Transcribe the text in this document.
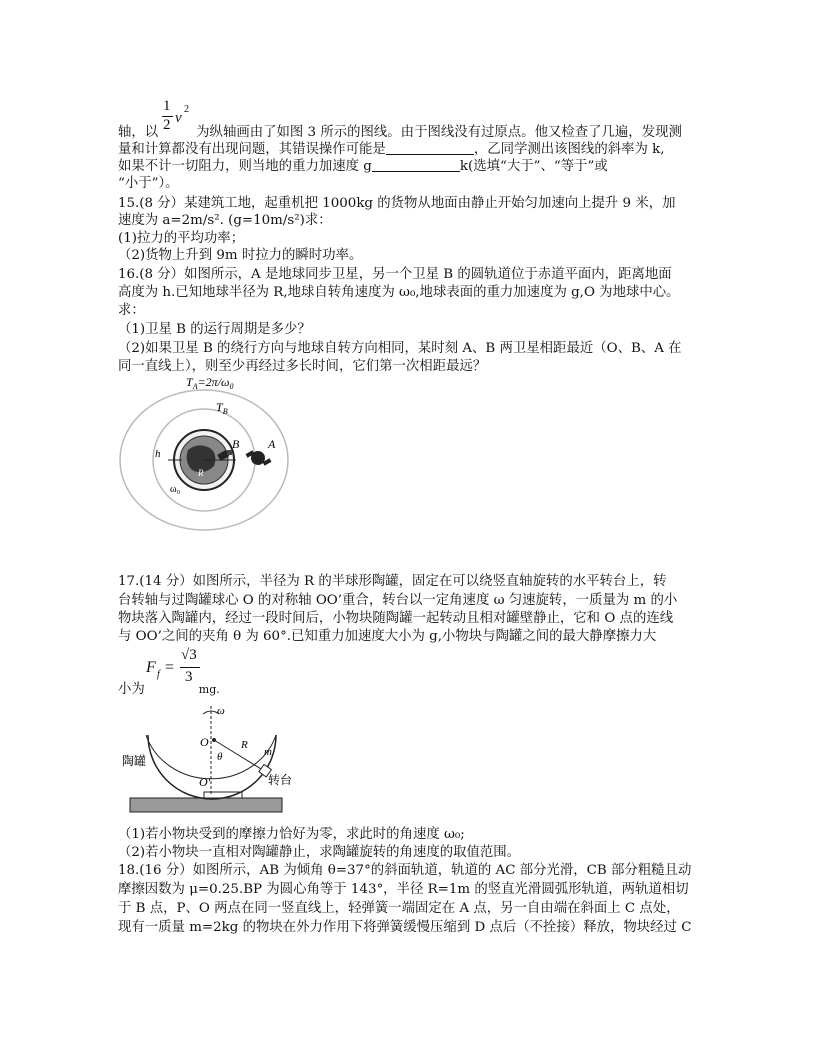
1
2 v
2
轴，以	为纵轴画由了如图 3 所示的图线。由于图线没有过原点。他又检查了几遍，发现测
量和计算都没有出现问题，其错误操作可能是	，乙同学测出该图线的斜率为 k,
如果不计一切阻力，则当地的重力加速度 g	k(选填“大于”、“等于”或
“小于”）。
15.(8 分）某建筑工地，起重机把 1000kg 的货物从地面由静止开始匀加速向上提升 9 米，加
速度为 a=2m/s². (g=10m/s²)求：
(1)拉力的平均功率；
（2)货物上升到 9m 时拉力的瞬时功率。
16.(8 分）如图所示，A 是地球同步卫星，另一个卫星 B 的圆轨道位于赤道平面内，距离地面
高度为 h.已知地球半径为 R,地球自转角速度为 ω₀,地球表面的重力加速度为 g,O 为地球中心。
求：
（1)卫星 B 的运行周期是多少？
（2)如果卫星 B 的绕行方向与地球自转方向相同，某时刻 A、B 两卫星相距最近（O、B、A 在
同一直线上），则至少再经过多长时间，它们第一次相距最远？
$T_A=2\pi/\omega_0$
$T_B$
h
R
ω₀
B A
17.(14 分）如图所示，半径为 R 的半球形陶罐，固定在可以绕竖直轴旋转的水平转台上，转
台转轴与过陶罐球心 O 的对称轴 OO’重合，转台以一定角速度 ω 匀速旋转，一质量为 m 的小
物块落入陶罐内，经过一段时间后，小物块随陶罐一起转动且相对罐壁静止，它和 O 点的连线
与 OO’之间的夹角 θ 为 60°.已知重力加速度大小为 g,小物块与陶罐之间的最大静摩擦力大
F f =
√3
3
小为	mg.
ω
O
O'
θ
R
m
陶罐
转台
（1)若小物块受到的摩擦力恰好为零，求此时的角速度 ω₀;
（2)若小物块一直相对陶罐静止，求陶罐旋转的角速度的取值范围。
18.(16 分）如图所示，AB 为倾角 θ=37°的斜面轨道，轨道的 AC 部分光滑，CB 部分粗糙且动
摩擦因数为 μ=0.25.BP 为圆心角等于 143°，半径 R=1m 的竖直光滑圆弧形轨道，两轨道相切
于 B 点，P、O 两点在同一竖直线上，轻弹簧一端固定在 A 点，另一自由端在斜面上 C 点处，
现有一质量 m=2kg 的物块在外力作用下将弹簧缓慢压缩到 D 点后（不拴接）释放，物块经过 C
